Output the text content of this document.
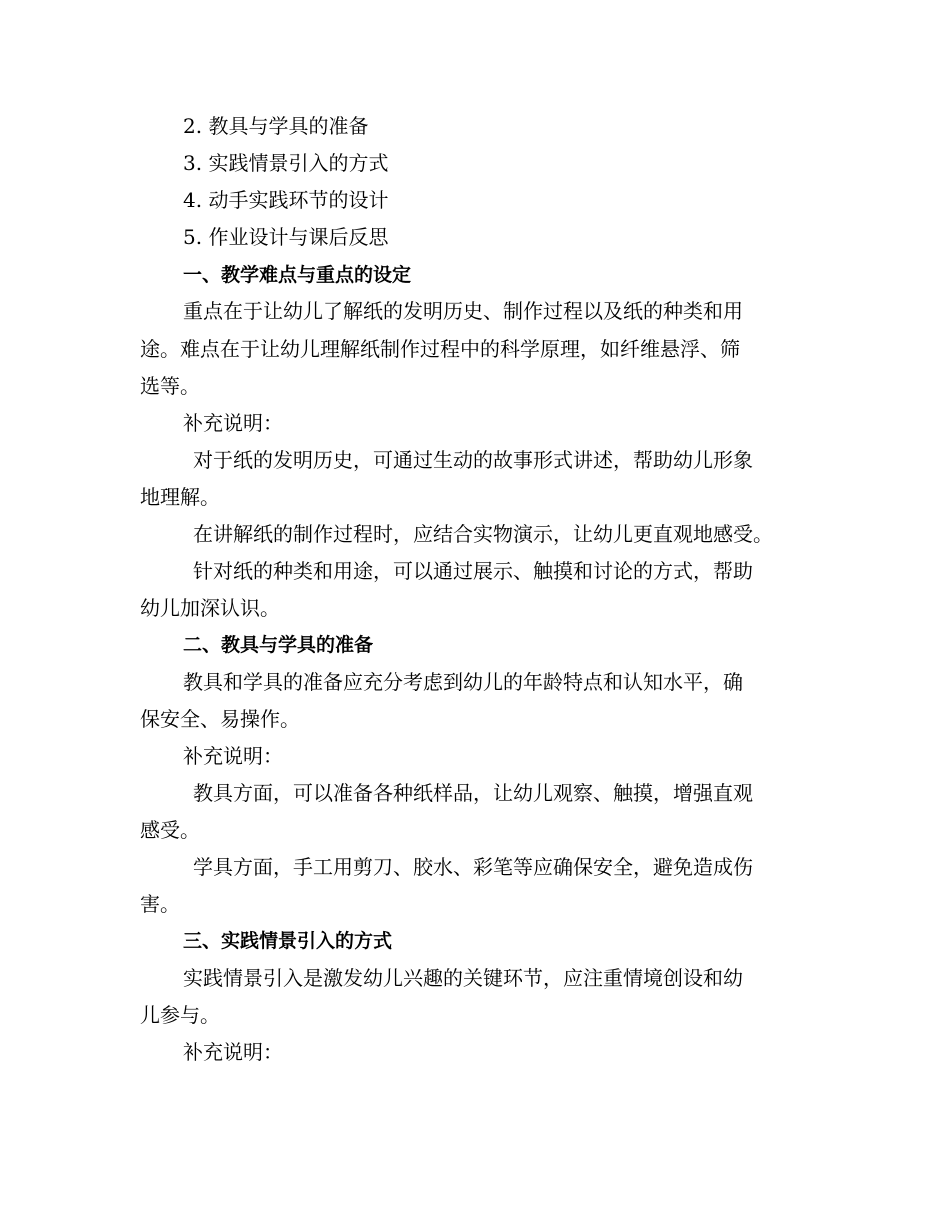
2. 教具与学具的准备
3. 实践情景引入的方式
4. 动手实践环节的设计
5. 作业设计与课后反思
一、教学难点与重点的设定
重点在于让幼儿了解纸的发明历史、制作过程以及纸的种类和用
途。难点在于让幼儿理解纸制作过程中的科学原理，如纤维悬浮、筛
选等。
补充说明：
对于纸的发明历史，可通过生动的故事形式讲述，帮助幼儿形象
地理解。
在讲解纸的制作过程时，应结合实物演示，让幼儿更直观地感受。
针对纸的种类和用途，可以通过展示、触摸和讨论的方式，帮助
幼儿加深认识。
二、教具与学具的准备
教具和学具的准备应充分考虑到幼儿的年龄特点和认知水平，确
保安全、易操作。
补充说明：
教具方面，可以准备各种纸样品，让幼儿观察、触摸，增强直观
感受。
学具方面，手工用剪刀、胶水、彩笔等应确保安全，避免造成伤
害。
三、实践情景引入的方式
实践情景引入是激发幼儿兴趣的关键环节，应注重情境创设和幼
儿参与。
补充说明：
